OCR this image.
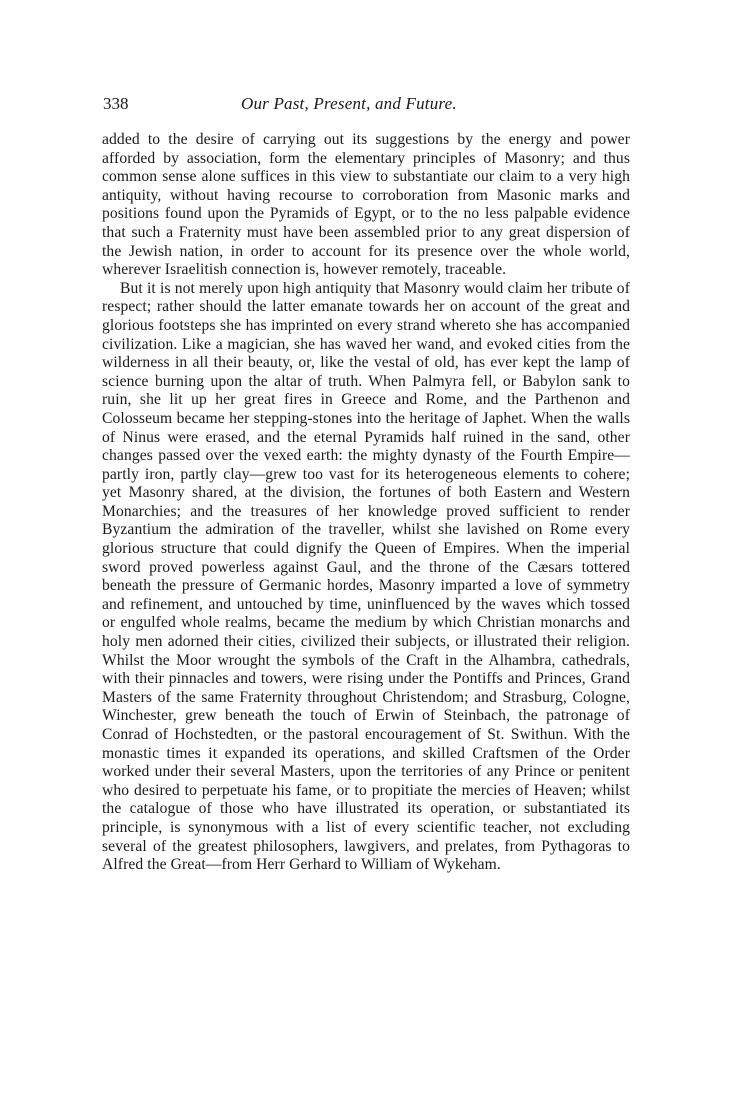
338	Our Past, Present, and Future.

added to the desire of carrying out its suggestions by the energy and power afforded by association, form the elementary principles of Masonry; and thus common sense alone suffices in this view to substantiate our claim to a very high antiquity, without having recourse to corroboration from Masonic marks and positions found upon the Pyramids of Egypt, or to the no less palpable evidence that such a Fraternity must have been assembled prior to any great dispersion of the Jewish nation, in order to account for its presence over the whole world, wherever Israelitish connection is, however remotely, traceable.

But it is not merely upon high antiquity that Masonry would claim her tribute of respect; rather should the latter emanate towards her on account of the great and glorious footsteps she has imprinted on every strand whereto she has accompanied civilization. Like a magician, she has waved her wand, and evoked cities from the wilderness in all their beauty, or, like the vestal of old, has ever kept the lamp of science burning upon the altar of truth. When Palmyra fell, or Babylon sank to ruin, she lit up her great fires in Greece and Rome, and the Parthenon and Colosseum became her stepping-stones into the heritage of Japhet. When the walls of Ninus were erased, and the eternal Pyramids half ruined in the sand, other changes passed over the vexed earth: the mighty dynasty of the Fourth Empire—partly iron, partly clay—grew too vast for its heterogeneous elements to cohere; yet Masonry shared, at the division, the fortunes of both Eastern and Western Monarchies; and the treasures of her knowledge proved sufficient to render Byzantium the admiration of the traveller, whilst she lavished on Rome every glorious structure that could dignify the Queen of Empires. When the imperial sword proved powerless against Gaul, and the throne of the Cæsars tottered beneath the pressure of Germanic hordes, Masonry imparted a love of symmetry and refinement, and untouched by time, uninfluenced by the waves which tossed or engulfed whole realms, became the medium by which Christian monarchs and holy men adorned their cities, civilized their subjects, or illustrated their religion. Whilst the Moor wrought the symbols of the Craft in the Alhambra, cathedrals, with their pinnacles and towers, were rising under the Pontiffs and Princes, Grand Masters of the same Fraternity throughout Christendom; and Strasburg, Cologne, Winchester, grew beneath the touch of Erwin of Steinbach, the patronage of Conrad of Hochstedten, or the pastoral encouragement of St. Swithun. With the monastic times it expanded its operations, and skilled Craftsmen of the Order worked under their several Masters, upon the territories of any Prince or penitent who desired to perpetuate his fame, or to propitiate the mercies of Heaven; whilst the catalogue of those who have illustrated its operation, or substantiated its principle, is synonymous with a list of every scientific teacher, not excluding several of the greatest philosophers, lawgivers, and prelates, from Pythagoras to Alfred the Great—from Herr Gerhard to William of Wykeham.
